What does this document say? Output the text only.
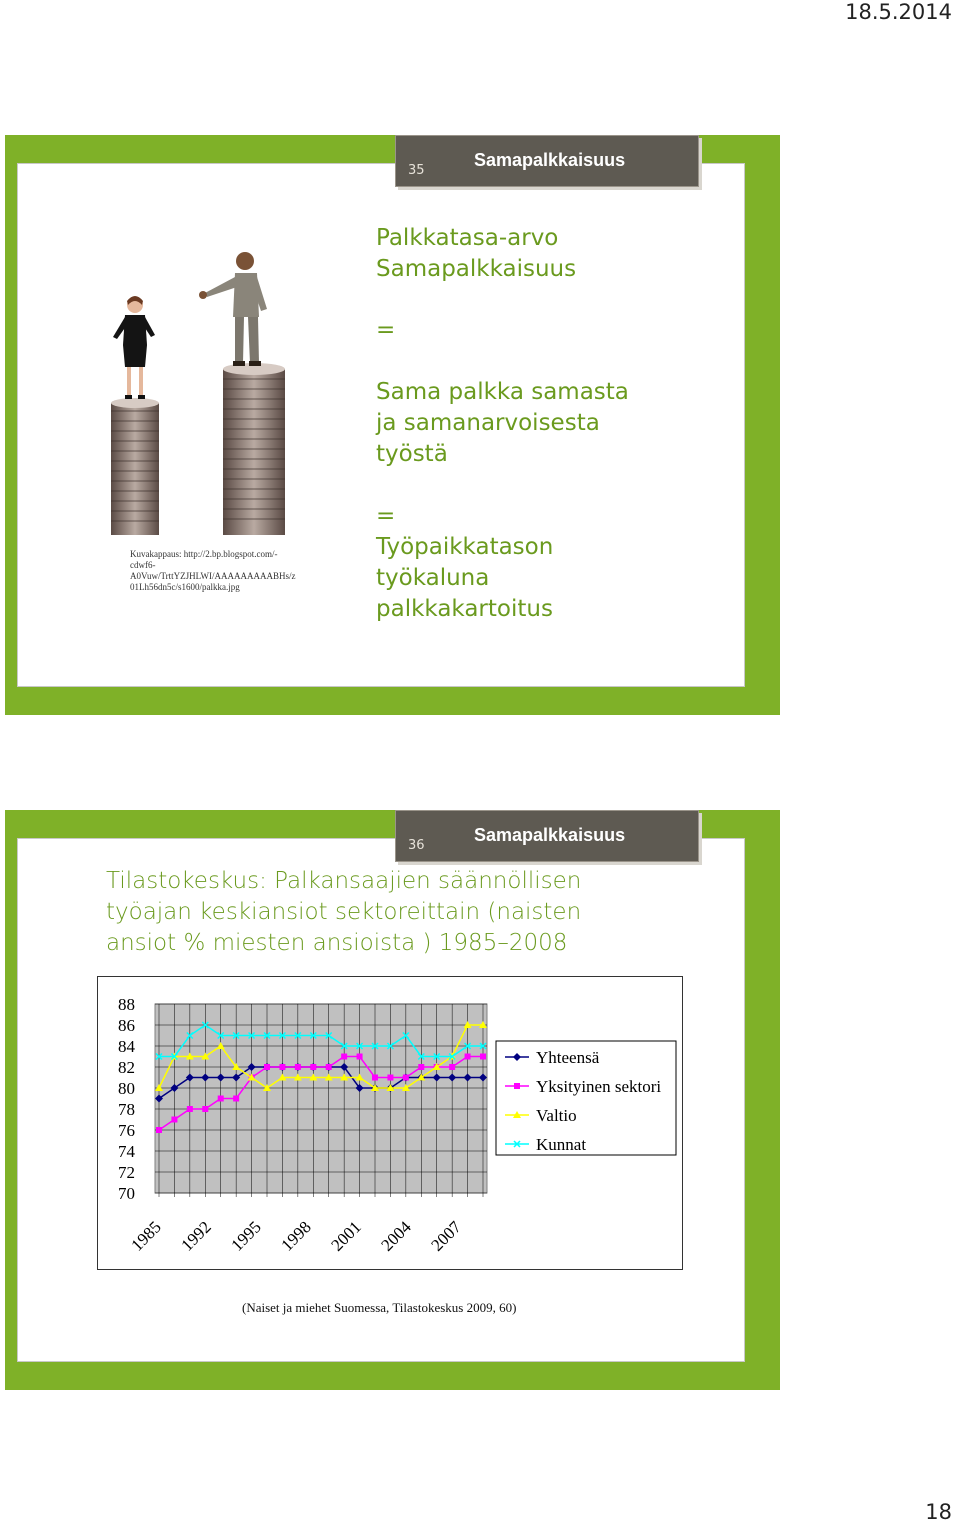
18.5.2014
18
35
Samapalkkaisuus
Kuvakappaus: http://2.bp.blogspot.com/-
cdwf6-
A0Vuw/TrttYZJHLWI/AAAAAAAAABHs/z
01Lh56dn5c/s1600/palkka.jpg
Palkkatasa-arvo
Samapalkkaisuus
=
Sama palkka samasta
ja samanarvoisesta
työstä
=
Työpaikkatason
työkaluna
palkkakartoitus
36
Samapalkkaisuus
Tilastokeskus: Palkansaajien säännöllisen
työajan keskiansiot sektoreittain (naisten
ansiot % miesten ansioista ) 1985–2008
88
86
84
82
80
78
76
74
72
70
1985 1992 1995 1998 2001 2004 2007
Yhteensä
Yksityinen sektori
Valtio
Kunnat
(Naiset ja miehet Suomessa, Tilastokeskus 2009, 60)
